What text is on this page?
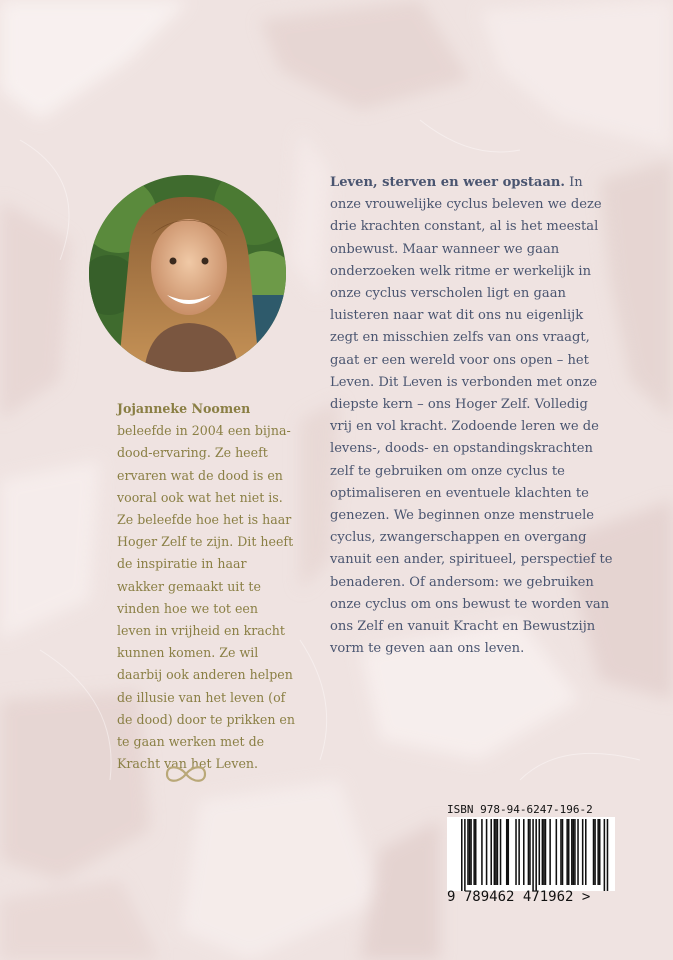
Jojanneke Noomen beleefde in 2004 een bijna-dood-ervaring. Ze heeft ervaren wat de dood is en vooral ook wat het niet is. Ze beleefde hoe het is haar Hoger Zelf te zijn. Dit heeft de inspiratie in haar wakker gemaakt uit te vinden hoe we tot een leven in vrijheid en kracht kunnen komen. Ze wil daarbij ook anderen helpen de illusie van het leven (of de dood) door te prikken en te gaan werken met de Kracht van het Leven.

Leven, sterven en weer opstaan. In onze vrouwelijke cyclus beleven we deze drie krachten constant, al is het meestal onbewust. Maar wanneer we gaan onderzoeken welk ritme er werkelijk in onze cyclus verscholen ligt en gaan luisteren naar wat dit ons nu eigenlijk zegt en misschien zelfs van ons vraagt, gaat er een wereld voor ons open – het Leven. Dit Leven is verbonden met onze diepste kern – ons Hoger Zelf. Volledig vrij en vol kracht. Zodoende leren we de levens-, doods- en opstandingskrachten zelf te gebruiken om onze cyclus te optimaliseren en eventuele klachten te genezen. We beginnen onze menstruele cyclus, zwangerschappen en overgang vanuit een ander, spiritueel, perspectief te benaderen. Of andersom: we gebruiken onze cyclus om ons bewust te worden van ons Zelf en vanuit Kracht en Bewustzijn vorm te geven aan ons leven.

ISBN 978-94-6247-196-2
9 789462 471962 >
